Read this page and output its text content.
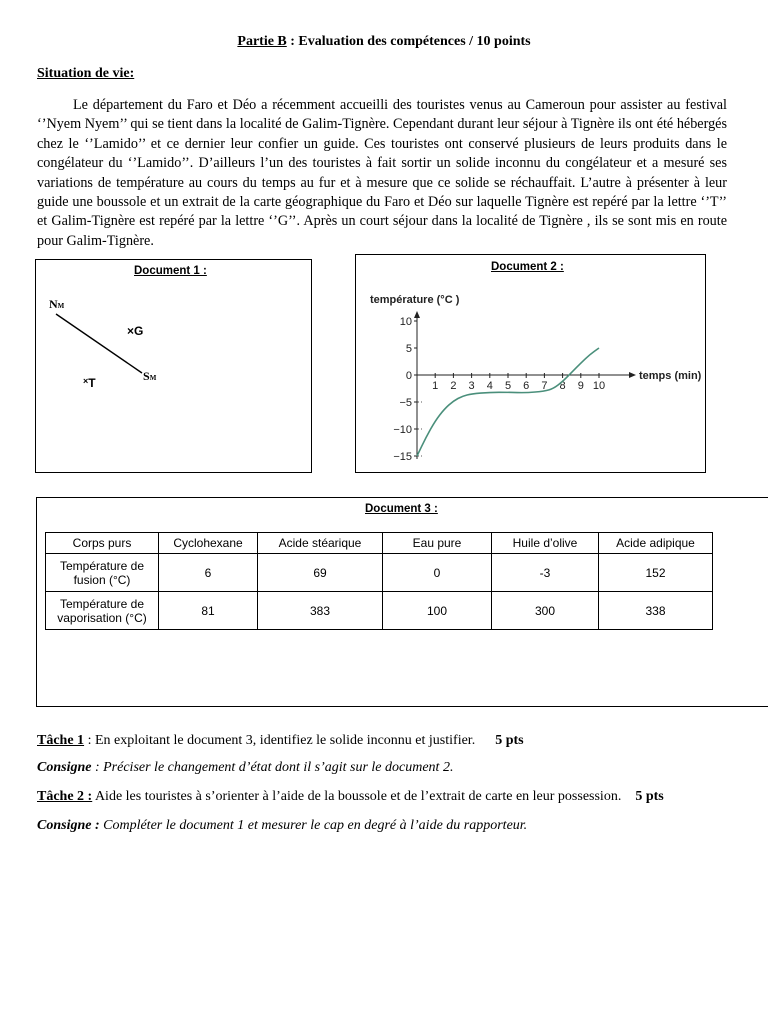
Partie B : Evaluation des compétences / 10 points
Situation de vie:
Le département du Faro et Déo a récemment accueilli des touristes venus au Cameroun pour assister au festival ‘’Nyem Nyem’’ qui se tient dans la localité de Galim-Tignère. Cependant durant leur séjour à Tignère ils ont été hébergés chez le ‘’Lamido’’ et ce dernier leur confier un guide. Ces touristes ont conservé plusieurs de leurs produits dans le congélateur du ‘’Lamido’’. D’ailleurs l’un des touristes à fait sortir un solide inconnu du congélateur et a mesuré ses variations de température au cours du temps au fur et à mesure que ce solide se réchauffait. L’autre à présenter à leur guide une boussole et un extrait de la carte géographique du Faro et Déo sur laquelle Tignère est repéré par la lettre ‘’T’’ et Galim-Tignère est repéré par la lettre ‘’G’’. Après un court séjour dans la localité de Tignère , ils se sont mis en route pour Galim-Tignère.
Document 1 :
NM
SM
×G
×T
Document 2 :
température (°C )
temps (min)
10
5
0
−5
−10
−15
1 2 3 4 5 6 7 8 9 10
Document 3 :
Corps purs	Cyclohexane	Acide stéarique	Eau pure	Huile d’olive	Acide adipique
Température de fusion (°C)	6	69	0	-3	152
Température de vaporisation (°C)	81	383	100	300	338
Tâche 1 : En exploitant le document 3, identifiez le solide inconnu et justifier. 5 pts
Consigne : Préciser le changement d’état dont il s’agit sur le document 2.
Tâche 2 : Aide les touristes à s’orienter à l’aide de la boussole et de l’extrait de carte en leur possession. 5 pts
Consigne : Compléter le document 1 et mesurer le cap en degré à l’aide du rapporteur.
